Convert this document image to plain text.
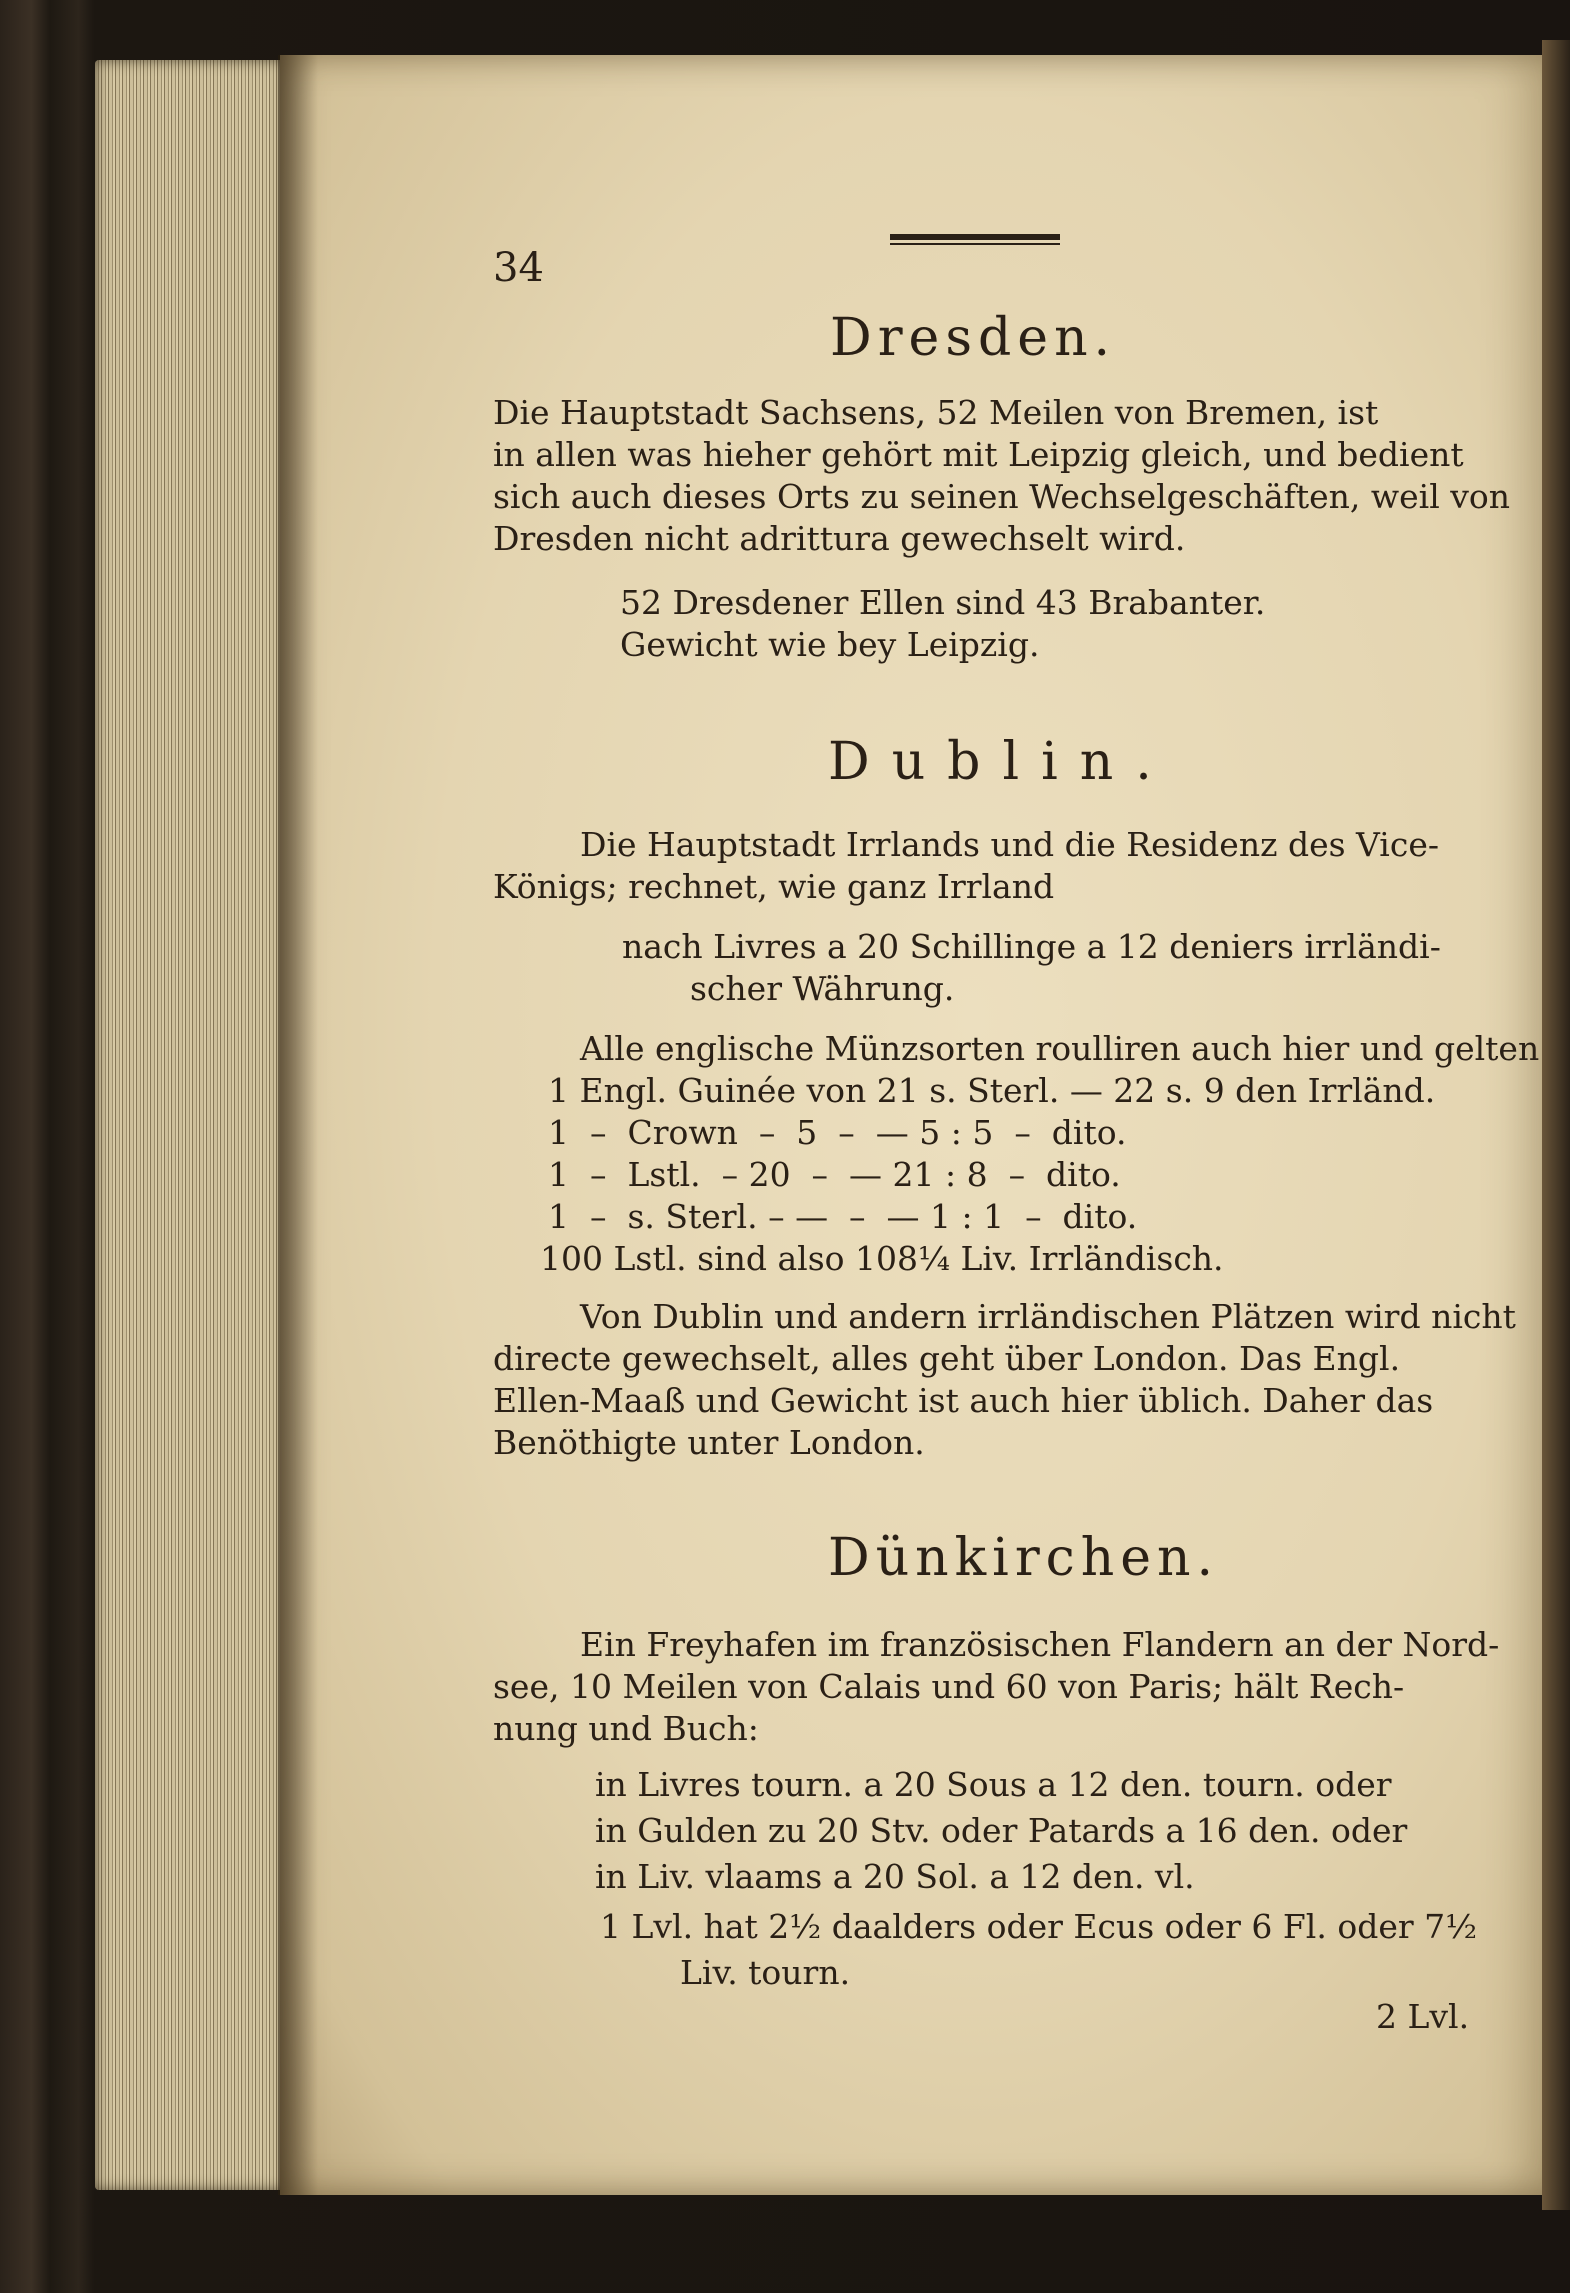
34
Dresden.
Die Hauptstadt Sachsens, 52 Meilen von Bremen, ist
in allen was hieher gehört mit Leipzig gleich, und bedient
sich auch dieses Orts zu seinen Wechselgeschäften, weil von
Dresden nicht adrittura gewechselt wird.
52 Dresdener Ellen sind 43 Brabanter.
Gewicht wie bey Leipzig.
Dublin.
Die Hauptstadt Irrlands und die Residenz des Vice-
Königs; rechnet, wie ganz Irrland
nach Livres a 20 Schillinge a 12 deniers irrländi-
scher Währung.
Alle englische Münzsorten roulliren auch hier und gelten
1 Engl. Guinée von 21 s. Sterl. — 22 s. 9 den Irrländ.
1  –  Crown  –  5  –  — 5 : 5  –  dito.
1  –  Lstl.  – 20  –  — 21 : 8  –  dito.
1  –  s. Sterl. – —  –  — 1 : 1  –  dito.
100 Lstl. sind also 108¼ Liv. Irrländisch.
Von Dublin und andern irrländischen Plätzen wird nicht
directe gewechselt, alles geht über London. Das Engl.
Ellen-Maaß und Gewicht ist auch hier üblich. Daher das
Benöthigte unter London.
Dünkirchen.
Ein Freyhafen im französischen Flandern an der Nord-
see, 10 Meilen von Calais und 60 von Paris; hält Rech-
nung und Buch:
in Livres tourn. a 20 Sous a 12 den. tourn. oder
in Gulden zu 20 Stv. oder Patards a 16 den. oder
in Liv. vlaams a 20 Sol. a 12 den. vl.
1 Lvl. hat 2½ daalders oder Ecus oder 6 Fl. oder 7½
Liv. tourn.
2 Lvl.
